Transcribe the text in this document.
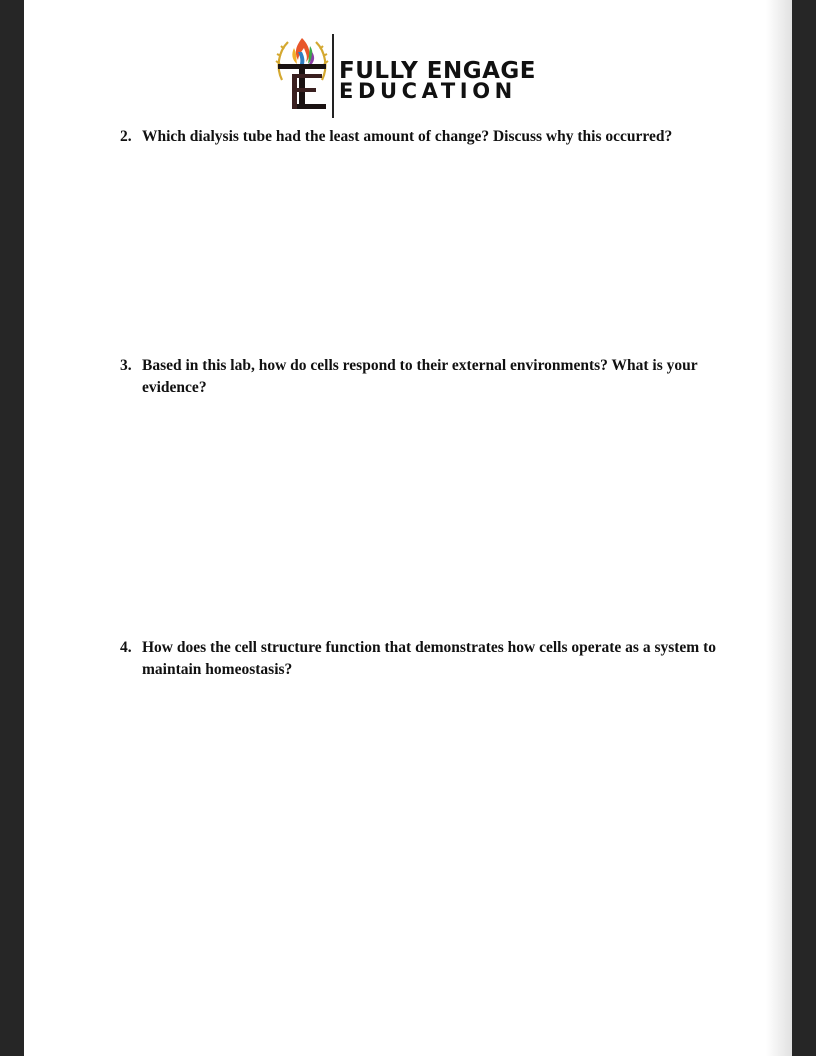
FULLY ENGAGE
EDUCATION
2. Which dialysis tube had the least amount of change? Discuss why this occurred?
3. Based in this lab, how do cells respond to their external environments? What is your evidence?
4. How does the cell structure function that demonstrates how cells operate as a system to maintain homeostasis?
